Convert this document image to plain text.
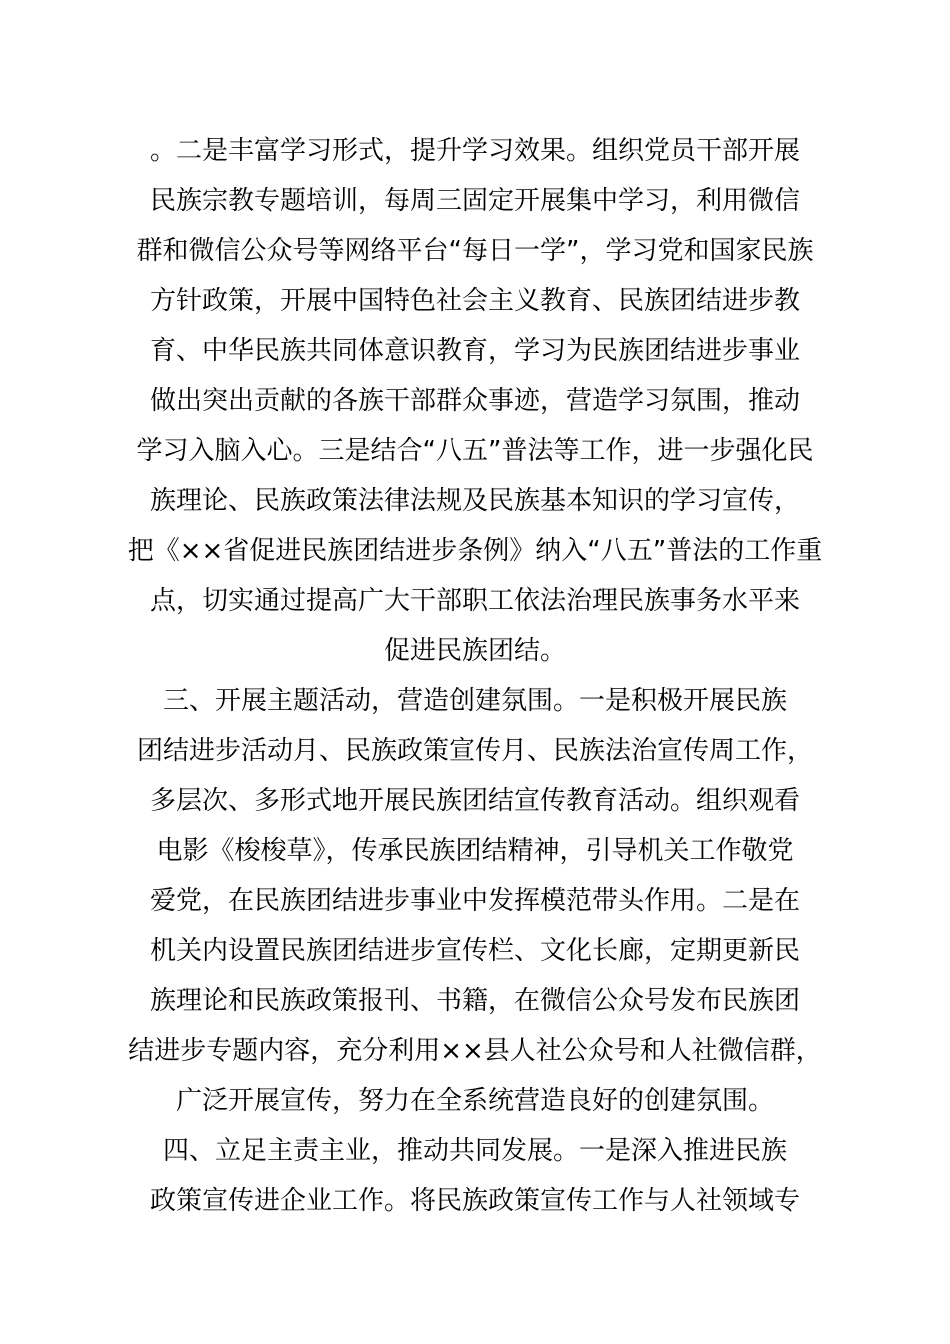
。二是丰富学习形式，提升学习效果。组织党员干部开展
民族宗教专题培训，每周三固定开展集中学习，利用微信
群和微信公众号等网络平台“每日一学”，学习党和国家民族
方针政策，开展中国特色社会主义教育、民族团结进步教
育、中华民族共同体意识教育，学习为民族团结进步事业
做出突出贡献的各族干部群众事迹，营造学习氛围，推动
学习入脑入心。三是结合“八五”普法等工作，进一步强化民
族理论、民族政策法律法规及民族基本知识的学习宣传，
把《××省促进民族团结进步条例》纳入“八五”普法的工作重
点，切实通过提高广大干部职工依法治理民族事务水平来
促进民族团结。
三、开展主题活动，营造创建氛围。一是积极开展民族
团结进步活动月、民族政策宣传月、民族法治宣传周工作，
多层次、多形式地开展民族团结宣传教育活动。组织观看
电影《梭梭草》，传承民族团结精神，引导机关工作敬党
爱党，在民族团结进步事业中发挥模范带头作用。二是在
机关内设置民族团结进步宣传栏、文化长廊，定期更新民
族理论和民族政策报刊、书籍，在微信公众号发布民族团
结进步专题内容，充分利用××县人社公众号和人社微信群，
广泛开展宣传，努力在全系统营造良好的创建氛围。
四、立足主责主业，推动共同发展。一是深入推进民族
政策宣传进企业工作。将民族政策宣传工作与人社领域专
